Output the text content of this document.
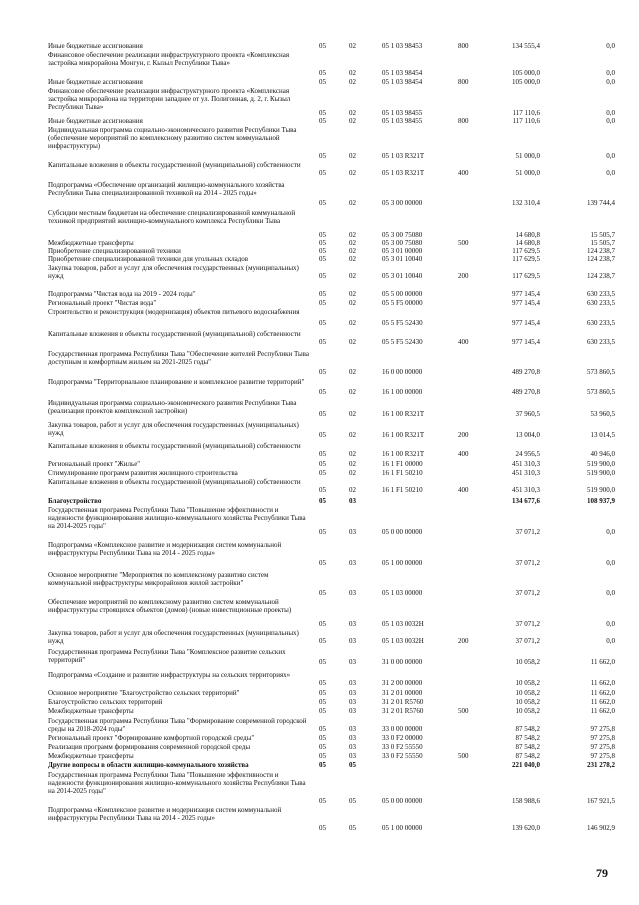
Иные бюджетные ассигнования	05	02	05 1 03 98453	800	134 555,4	0,0
Финансовое обеспечение реализации инфраструктурного проекта «Комплексная застройка микрорайона Монгун, г. Кызыл Республики Тыва»
05	02	05 1 03 98454	105 000,0	0,0
Иные бюджетные ассигнования	05	02	05 1 03 98454	800	105 000,0	0,0
Финансовое обеспечение реализации инфраструктурного проекта «Комплексная застройка микрорайона на территории западнее от ул. Полигонная, д. 2, г. Кызыл Республики Тыва»
05	02	05 1 03 98455	117 110,6	0,0
Иные бюджетные ассигнования	05	02	05 1 03 98455	800	117 110,6	0,0
Индивидуальная программа социально-экономического развития Республики Тыва (обеспечение мероприятий по комплексному развитию систем коммунальной инфраструктуры)
05	02	05 1 03 R321T	51 000,0	0,0
Капитальные вложения в объекты государственной (муниципальной) собственности
05	02	05 1 03 R321T	400	51 000,0	0,0
Подпрограмма «Обеспечение организаций жилищно-коммунального хозяйства Республики Тыва специализированной техникой на 2014 - 2025 годы»
05	02	05 3 00 00000	132 310,4	139 744,4
Субсидии местным бюджетам на обеспечение специализированной коммунальной техникой предприятий жилищно-коммунального комплекса Республики Тыва
05	02	05 3 00 75080	14 680,8	15 505,7
Межбюджетные трансферты	05	02	05 3 00 75080	500	14 680,8	15 505,7
Приобретение специализированной техники	05	02	05 3 01 00000	117 629,5	124 238,7
Приобретение специализированной техники для угольных складов	05	02	05 3 01 10040	117 629,5	124 238,7
Закупка товаров, работ и услуг для обеспечения государственных (муниципальных) нужд	05	02	05 3 01 10040	200	117 629,5	124 238,7
Подпрограмма "Чистая вода на 2019 - 2024 годы"	05	02	05 5 00 00000	977 145,4	630 233,5
Региональный проект "Чистая вода"	05	02	05 5 F5 00000	977 145,4	630 233,5
Строительство и реконструкция (модернизация) объектов питьевого водоснабжения
05	02	05 5 F5 52430	977 145,4	630 233,5
Капитальные вложения в объекты государственной (муниципальной) собственности
05	02	05 5 F5 52430	400	977 145,4	630 233,5
Государственная программа Республики Тыва "Обеспечение жителей Республики Тыва доступным и комфортным жильем на 2021-2025 годы"
05	02	16 0 00 00000	489 270,8	573 860,5
Подпрограмма "Территориальное планирование и комплексное развитие территорий"
05	02	16 1 00 00000	489 270,8	573 860,5
Индивидуальная программа социально-экономического развития Республики Тыва (реализация проектов комплексной застройки)	05	02	16 1 00 R321T	37 960,5	53 960,5
Закупка товаров, работ и услуг для обеспечения государственных (муниципальных) нужд	05	02	16 1 00 R321T	200	13 004,0	13 014,5
Капитальные вложения в объекты государственной (муниципальной) собственности
05	02	16 1 00 R321T	400	24 956,5	40 946,0
Региональный проект "Жилье"	05	02	16 1 F1 00000	451 310,3	519 900,0
Стимулирование программ развития жилищного строительства	05	02	16 1 F1 50210	451 310,3	519 900,0
Капитальные вложения в объекты государственной (муниципальной) собственности
05	02	16 1 F1 50210	400	451 310,3	519 900,0
Благоустройство	05	03	134 677,6	108 937,9
Государственная программа Республики Тыва "Повышение эффективности и надежности функционирования жилищно-коммунального хозяйства Республики Тыва на 2014-2025 годы"
05	03	05 0 00 00000	37 071,2	0,0
Подпрограмма «Комплексное развитие и модернизация систем коммунальной инфраструктуры Республики Тыва на 2014 - 2025 годы»
05	03	05 1 00 00000	37 071,2	0,0
Основное мероприятие "Мероприятия по комплексному развитию систем коммунальной инфраструктуры микрорайонов жилой застройки"
05	03	05 1 03 00000	37 071,2	0,0
Обеспечение мероприятий по комплексному развитию систем коммунальной инфраструктуры строящихся объектов (домов) (новые инвестиционные проекты)
05	03	05 1 03 0032Н	37 071,2	0,0
Закупка товаров, работ и услуг для обеспечения государственных (муниципальных) нужд	05	03	05 1 03 0032Н	200	37 071,2	0,0
Государственная программа Республики Тыва "Комплексное развитие сельских территорий"	05	03	31 0 00 00000	10 058,2	11 662,0
Подпрограмма «Создание и развитие инфраструктуры на сельских территориях»
05	03	31 2 00 00000	10 058,2	11 662,0
Основное мероприятие "Благоустройство сельских территорий"	05	03	31 2 01 00000	10 058,2	11 662,0
Благоустройство сельских территорий	05	03	31 2 01 R5760	10 058,2	11 662,0
Межбюджетные трансферты	05	03	31 2 01 R5760	500	10 058,2	11 662,0
Государственная программа Республики Тыва "Формирование современной городской среды на 2018-2024 годы"	05	03	33 0 00 00000	87 548,2	97 275,8
Региональный проект "Формирование комфортной городской среды"	05	03	33 0 F2 00000	87 548,2	97 275,8
Реализация программ формирования современной городской среды	05	03	33 0 F2 55550	87 548,2	97 275,8
Межбюджетные трансферты	05	03	33 0 F2 55550	500	87 548,2	97 275,8
Другие вопросы в области жилищно-коммунального хозяйства	05	05	221 040,0	231 278,2
Государственная программа Республики Тыва "Повышение эффективности и надежности функционирования жилищно-коммунального хозяйства Республики Тыва на 2014-2025 годы"
05	05	05 0 00 00000	158 988,6	167 921,5
Подпрограмма «Комплексное развитие и модернизация систем коммунальной инфраструктуры Республики Тыва на 2014 - 2025 годы»
05	05	05 1 00 00000	139 620,0	146 902,9
79
